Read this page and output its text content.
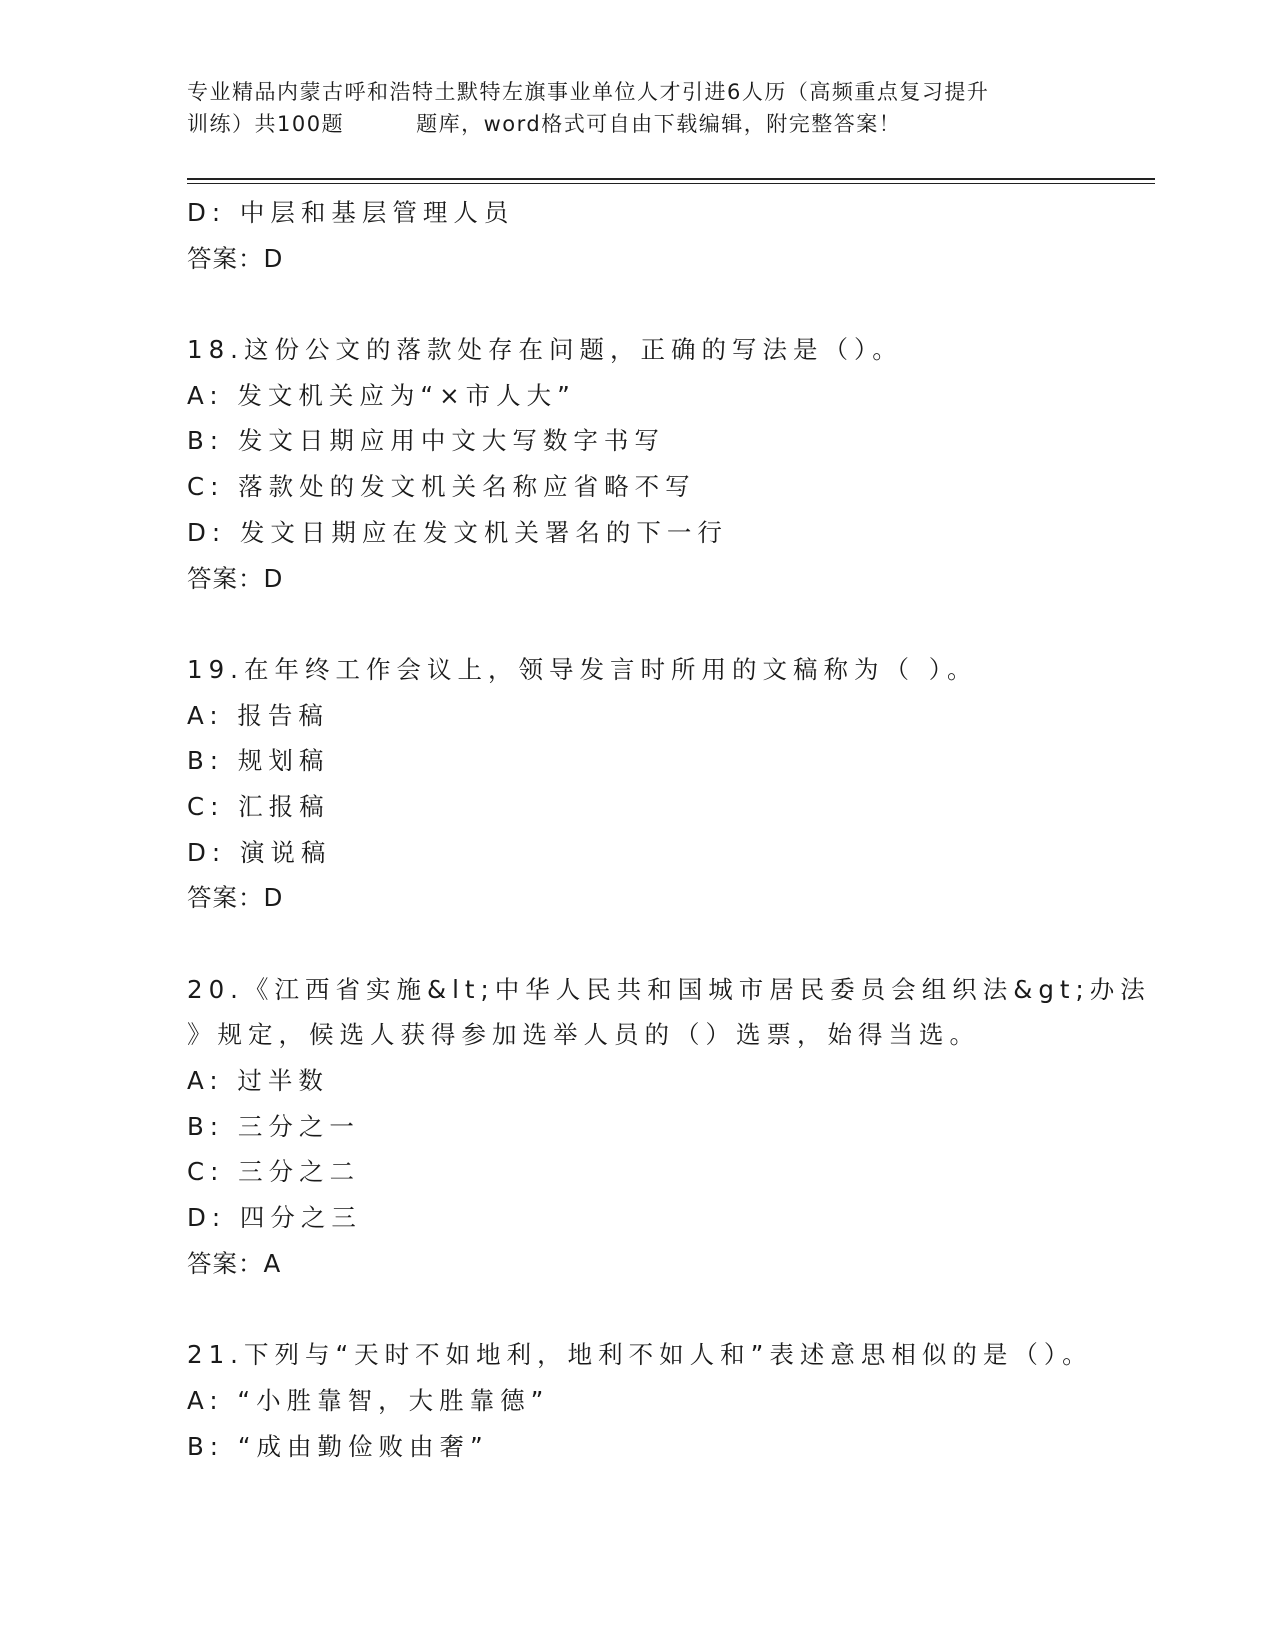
专业精品内蒙古呼和浩特土默特左旗事业单位人才引进6人历（高频重点复习提升
训练）共100题	题库，word格式可自由下载编辑，附完整答案！
D: 中层和基层管理人员
答案：D
18.这份公文的落款处存在问题，正确的写法是（）。
A: 发文机关应为“×市人大”
B: 发文日期应用中文大写数字书写
C: 落款处的发文机关名称应省略不写
D: 发文日期应在发文机关署名的下一行
答案：D
19.在年终工作会议上，领导发言时所用的文稿称为（ ）。
A: 报告稿
B: 规划稿
C: 汇报稿
D: 演说稿
答案：D
20.《江西省实施&lt;中华人民共和国城市居民委员会组织法&gt;办法
》规定，候选人获得参加选举人员的（）选票，始得当选。
A: 过半数
B: 三分之一
C: 三分之二
D: 四分之三
答案：A
21.下列与“天时不如地利，地利不如人和”表述意思相似的是（）。
A: “小胜靠智，大胜靠德”
B: “成由勤俭败由奢”
